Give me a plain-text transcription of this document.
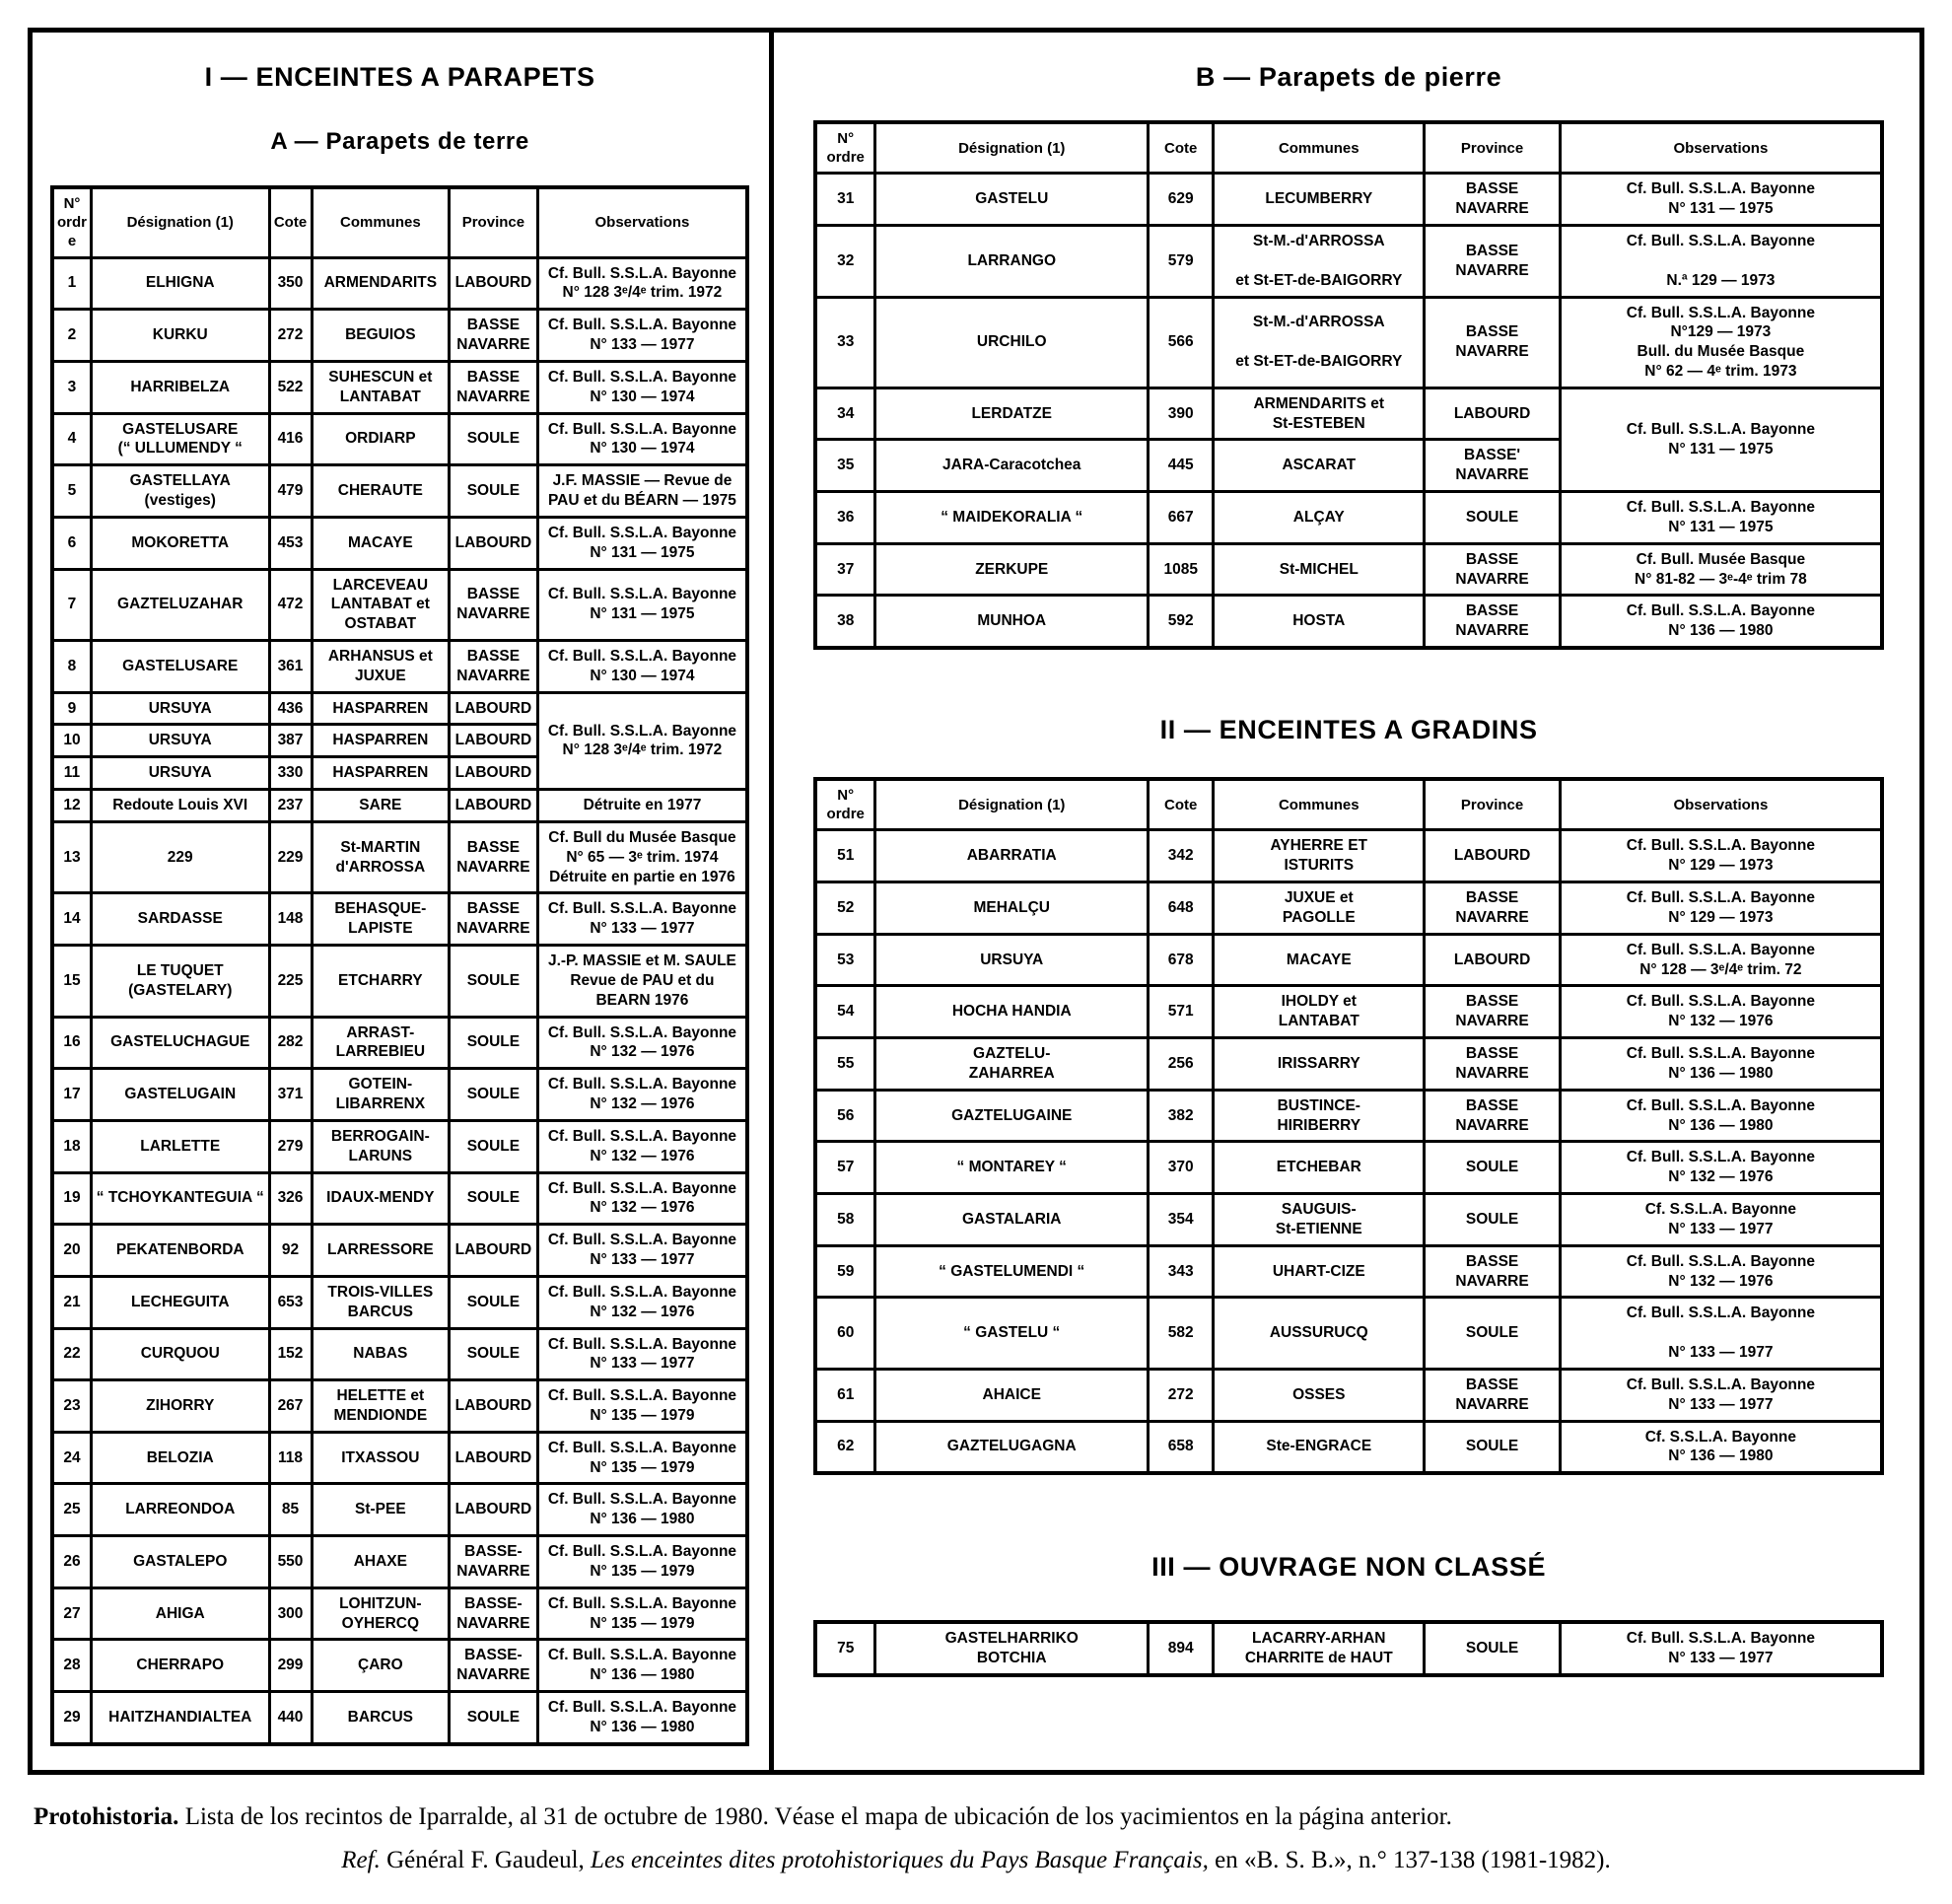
I — ENCEINTES A PARAPETS
A — Parapets de terre
N°
ordre	Désignation (1)	Cote	Communes	Province	Observations
1	ELHIGNA	350	ARMENDARITS	LABOURD	Cf. Bull. S.S.L.A. Bayonne
N° 128 3ᵉ/4ᵉ trim. 1972
2	KURKU	272	BEGUIOS	BASSE
NAVARRE	Cf. Bull. S.S.L.A. Bayonne
N° 133 — 1977
3	HARRIBELZA	522	SUHESCUN et
LANTABAT	BASSE
NAVARRE	Cf. Bull. S.S.L.A. Bayonne
N° 130 — 1974
4	GASTELUSARE
(“ ULLUMENDY “	416	ORDIARP	SOULE	Cf. Bull. S.S.L.A. Bayonne
N° 130 — 1974
5	GASTELLAYA
(vestiges)	479	CHERAUTE	SOULE	J.F. MASSIE — Revue de
PAU et du BÉARN — 1975
6	MOKORETTA	453	MACAYE	LABOURD	Cf. Bull. S.S.L.A. Bayonne
N° 131 — 1975
7	GAZTELUZAHAR	472	LARCEVEAU
LANTABAT et
OSTABAT	BASSE
NAVARRE	Cf. Bull. S.S.L.A. Bayonne
N° 131 — 1975
8	GASTELUSARE	361	ARHANSUS et
JUXUE	BASSE
NAVARRE	Cf. Bull. S.S.L.A. Bayonne
N° 130 — 1974
9	URSUYA	436	HASPARREN	LABOURD	Cf. Bull. S.S.L.A. Bayonne
N° 128 3ᵉ/4ᵉ trim. 1972
10	URSUYA	387	HASPARREN	LABOURD	
11	URSUYA	330	HASPARREN	LABOURD	
12	Redoute Louis XVI	237	SARE	LABOURD	Détruite en 1977
13	229	229	St-MARTIN
d'ARROSSA	BASSE
NAVARRE	Cf. Bull du Musée Basque
N° 65 — 3ᵉ trim. 1974
Détruite en partie en 1976
14	SARDASSE	148	BEHASQUE-
LAPISTE	BASSE
NAVARRE	Cf. Bull. S.S.L.A. Bayonne
N° 133 — 1977
15	LE TUQUET
(GASTELARY)	225	ETCHARRY	SOULE	J.-P. MASSIE et M. SAULE
Revue de PAU et du BEARN 1976
16	GASTELUCHAGUE	282	ARRAST-
LARREBIEU	SOULE	Cf. Bull. S.S.L.A. Bayonne
N° 132 — 1976
17	GASTELUGAIN	371	GOTEIN-
LIBARRENX	SOULE	Cf. Bull. S.S.L.A. Bayonne
N° 132 — 1976
18	LARLETTE	279	BERROGAIN-
LARUNS	SOULE	Cf. Bull. S.S.L.A. Bayonne
N° 132 — 1976
19	“ TCHOYKANTEGUIA “	326	IDAUX-MENDY	SOULE	Cf. Bull. S.S.L.A. Bayonne
N° 132 — 1976
20	PEKATENBORDA	92	LARRESSORE	LABOURD	Cf. Bull. S.S.L.A. Bayonne
N° 133 — 1977
21	LECHEGUITA	653	TROIS-VILLES
BARCUS	SOULE	Cf. Bull. S.S.L.A. Bayonne
N° 132 — 1976
22	CURQUOU	152	NABAS	SOULE	Cf. Bull. S.S.L.A. Bayonne
N° 133 — 1977
23	ZIHORRY	267	HELETTE et
MENDIONDE	LABOURD	Cf. Bull. S.S.L.A. Bayonne
N° 135 — 1979
24	BELOZIA	118	ITXASSOU	LABOURD	Cf. Bull. S.S.L.A. Bayonne
N° 135 — 1979
25	LARREONDOA	85	St-PEE	LABOURD	Cf. Bull. S.S.L.A. Bayonne
N° 136 — 1980
26	GASTALEPO	550	AHAXE	BASSE-
NAVARRE	Cf. Bull. S.S.L.A. Bayonne
N° 135 — 1979
27	AHIGA	300	LOHITZUN-
OYHERCQ	BASSE-
NAVARRE	Cf. Bull. S.S.L.A. Bayonne
N° 135 — 1979
28	CHERRAPO	299	ÇARO	BASSE-
NAVARRE	Cf. Bull. S.S.L.A. Bayonne
N° 136 — 1980
29	HAITZHANDIALTEA	440	BARCUS	SOULE	Cf. Bull. S.S.L.A. Bayonne
N° 136 — 1980
B — Parapets de pierre
N°
ordre	Désignation (1)	Cote	Communes	Province	Observations
31	GASTELU	629	LECUMBERRY	BASSE
NAVARRE	Cf. Bull. S.S.L.A. Bayonne
N° 131 — 1975
32	LARRANGO	579	St-M.-d'ARROSSA

et St-ET-de-BAIGORRY	BASSE
NAVARRE	Cf. Bull. S.S.L.A. Bayonne

N.ª 129 — 1973
33	URCHILO	566	St-M.-d'ARROSSA

et St-ET-de-BAIGORRY	BASSE
NAVARRE	Cf. Bull. S.S.L.A. Bayonne
N°129 — 1973
Bull. du Musée Basque
N° 62 — 4ᵉ trim. 1973
34	LERDATZE	390	ARMENDARITS et
St-ESTEBEN	LABOURD	Cf. Bull. S.S.L.A. Bayonne
N° 131 — 1975
35	JARA-Caracotchea	445	ASCARAT	BASSE'
NAVARRE	
36	“ MAIDEKORALIA “	667	ALÇAY	SOULE	Cf. Bull. S.S.L.A. Bayonne
N° 131 — 1975
37	ZERKUPE	1085	St-MICHEL	BASSE
NAVARRE	Cf. Bull. Musée Basque
N° 81-82 — 3ᵉ-4ᵉ trim 78
38	MUNHOA	592	HOSTA	BASSE
NAVARRE	Cf. Bull. S.S.L.A. Bayonne
N° 136 — 1980
II — ENCEINTES A GRADINS
N°
ordre	Désignation (1)	Cote	Communes	Province	Observations
51	ABARRATIA	342	AYHERRE ET
ISTURITS	LABOURD	Cf. Bull. S.S.L.A. Bayonne
N° 129 — 1973
52	MEHALÇU	648	JUXUE et
PAGOLLE	BASSE
NAVARRE	Cf. Bull. S.S.L.A. Bayonne
N° 129 — 1973
53	URSUYA	678	MACAYE	LABOURD	Cf. Bull. S.S.L.A. Bayonne
N° 128 — 3ᵉ/4ᵉ trim. 72
54	HOCHA HANDIA	571	IHOLDY et
LANTABAT	BASSE
NAVARRE	Cf. Bull. S.S.L.A. Bayonne
N° 132 — 1976
55	GAZTELU-
ZAHARREA	256	IRISSARRY	BASSE
NAVARRE	Cf. Bull. S.S.L.A. Bayonne
N° 136 — 1980
56	GAZTELUGAINE	382	BUSTINCE-
HIRIBERRY	BASSE
NAVARRE	Cf. Bull. S.S.L.A. Bayonne
N° 136 — 1980
57	“ MONTAREY “	370	ETCHEBAR	SOULE	Cf. Bull. S.S.L.A. Bayonne
N° 132 — 1976
58	GASTALARIA	354	SAUGUIS-
St-ETIENNE	SOULE	Cf. S.S.L.A. Bayonne
N° 133 — 1977
59	“ GASTELUMENDI “	343	UHART-CIZE	BASSE
NAVARRE	Cf. Bull. S.S.L.A. Bayonne
N° 132 — 1976
60	“ GASTELU “	582	AUSSURUCQ	SOULE	Cf. Bull. S.S.L.A. Bayonne

N° 133 — 1977
61	AHAICE	272	OSSES	BASSE
NAVARRE	Cf. Bull. S.S.L.A. Bayonne
N° 133 — 1977
62	GAZTELUGAGNA	658	Ste-ENGRACE	SOULE	Cf. S.S.L.A. Bayonne
N° 136 — 1980
III — OUVRAGE NON CLASSÉ
75	GASTELHARRIKO
BOTCHIA	894	LACARRY-ARHAN
CHARRITE de HAUT	SOULE	Cf. Bull. S.S.L.A. Bayonne
N° 133 — 1977
Protohistoria. Lista de los recintos de Iparralde, al 31 de octubre de 1980. Véase el mapa de ubicación de los yacimientos en la página anterior.
Ref. Général F. Gaudeul, Les enceintes dites protohistoriques du Pays Basque Français, en «B. S. B.», n.° 137-138 (1981-1982).
